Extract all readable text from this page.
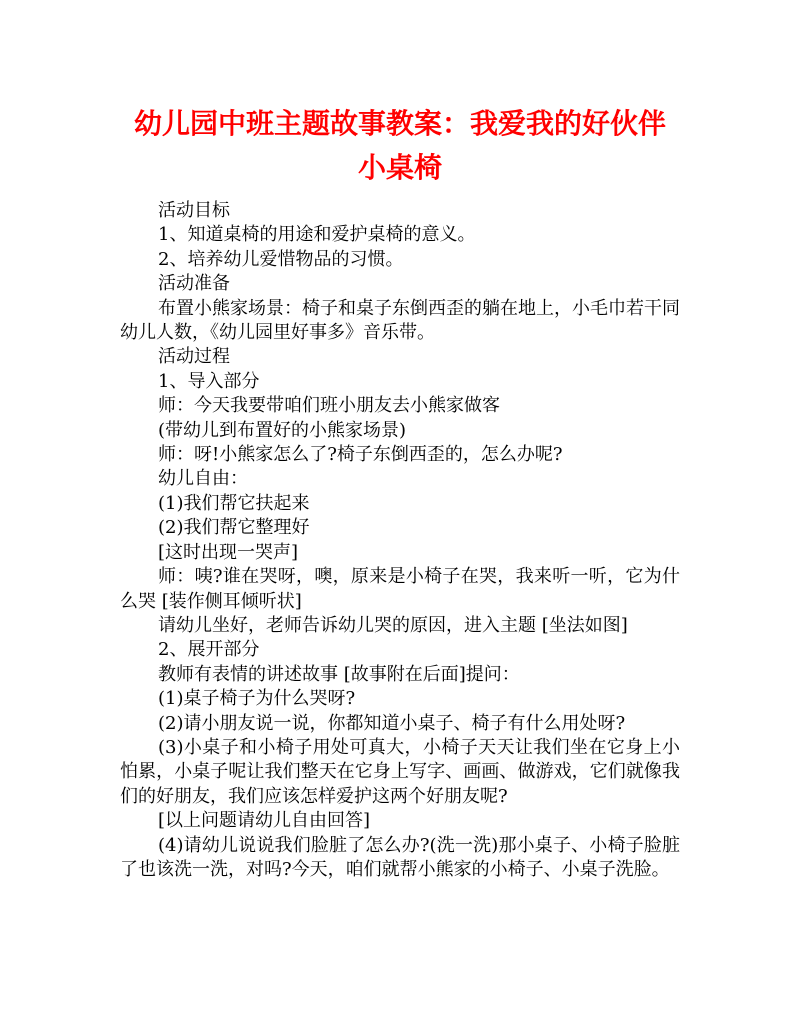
幼儿园中班主题故事教案：我爱我的好伙伴
小桌椅

活动目标

1、知道桌椅的用途和爱护桌椅的意义。

2、培养幼儿爱惜物品的习惯。

活动准备

布置小熊家场景：椅子和桌子东倒西歪的躺在地上，小毛巾若干同幼儿人数，《幼儿园里好事多》音乐带。

活动过程

1、导入部分

师：今天我要带咱们班小朋友去小熊家做客

(带幼儿到布置好的小熊家场景)

师：呀!小熊家怎么了?椅子东倒西歪的，怎么办呢?

幼儿自由：

(1)我们帮它扶起来

(2)我们帮它整理好

[这时出现一哭声]

师：咦?谁在哭呀，噢，原来是小椅子在哭，我来听一听，它为什么哭 [装作侧耳倾听状]

请幼儿坐好，老师告诉幼儿哭的原因，进入主题 [坐法如图]

2、展开部分

教师有表情的讲述故事 [故事附在后面]提问：

(1)桌子椅子为什么哭呀?

(2)请小朋友说一说，你都知道小桌子、椅子有什么用处呀?

(3)小桌子和小椅子用处可真大，小椅子天天让我们坐在它身上小怕累，小桌子呢让我们整天在它身上写字、画画、做游戏，它们就像我们的好朋友，我们应该怎样爱护这两个好朋友呢?

[以上问题请幼儿自由回答]

(4)请幼儿说说我们脸脏了怎么办?(洗一洗)那小桌子、小椅子脸脏了也该洗一洗，对吗?今天，咱们就帮小熊家的小椅子、小桌子洗脸。
